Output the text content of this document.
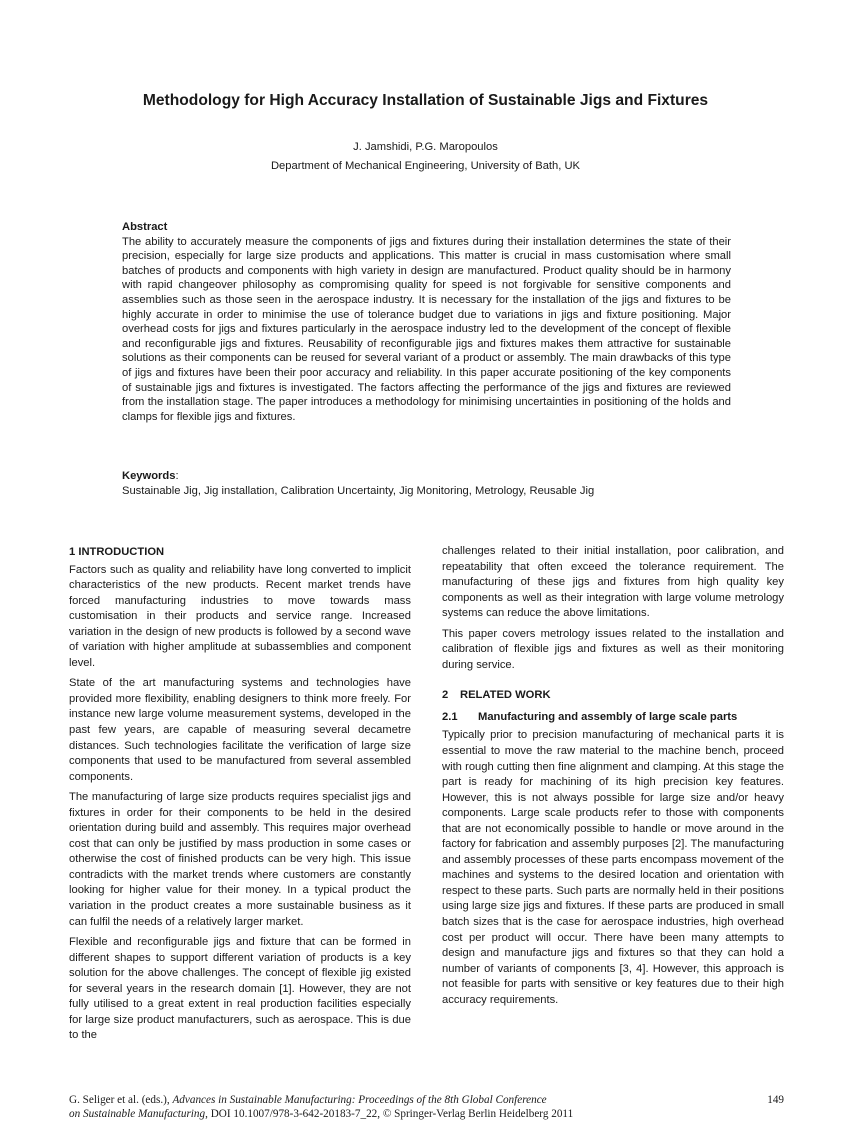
Methodology for High Accuracy Installation of Sustainable Jigs and Fixtures
J. Jamshidi, P.G. Maropoulos
Department of Mechanical Engineering, University of Bath, UK
Abstract
The ability to accurately measure the components of jigs and fixtures during their installation determines the state of their precision, especially for large size products and applications. This matter is crucial in mass customisation where small batches of products and components with high variety in design are manufactured. Product quality should be in harmony with rapid changeover philosophy as compromising quality for speed is not forgivable for sensitive components and assemblies such as those seen in the aerospace industry. It is necessary for the installation of the jigs and fixtures to be highly accurate in order to minimise the use of tolerance budget due to variations in jigs and fixture positioning. Major overhead costs for jigs and fixtures particularly in the aerospace industry led to the development of the concept of flexible and reconfigurable jigs and fixtures. Reusability of reconfigurable jigs and fixtures makes them attractive for sustainable solutions as their components can be reused for several variant of a product or assembly. The main drawbacks of this type of jigs and fixtures have been their poor accuracy and reliability. In this paper accurate positioning of the key components of sustainable jigs and fixtures is investigated. The factors affecting the performance of the jigs and fixtures are reviewed from the installation stage. The paper introduces a methodology for minimising uncertainties in positioning of the holds and clamps for flexible jigs and fixtures.
Keywords:
Sustainable Jig, Jig installation, Calibration Uncertainty, Jig Monitoring, Metrology, Reusable Jig
1 INTRODUCTION

Factors such as quality and reliability have long converted to implicit characteristics of the new products. Recent market trends have forced manufacturing industries to move towards mass customisation in their products and service range. Increased variation in the design of new products is followed by a second wave of variation with higher amplitude at subassemblies and component level.

State of the art manufacturing systems and technologies have provided more flexibility, enabling designers to think more freely. For instance new large volume measurement systems, developed in the past few years, are capable of measuring several decametre distances. Such technologies facilitate the verification of large size components that used to be manufactured from several assembled components.

The manufacturing of large size products requires specialist jigs and fixtures in order for their components to be held in the desired orientation during build and assembly. This requires major overhead cost that can only be justified by mass production in some cases or otherwise the cost of finished products can be very high. This issue contradicts with the market trends where customers are constantly looking for higher value for their money. In a typical product the variation in the product creates a more sustainable business as it can fulfil the needs of a relatively larger market.

Flexible and reconfigurable jigs and fixture that can be formed in different shapes to support different variation of products is a key solution for the above challenges. The concept of flexible jig existed for several years in the research domain [1]. However, they are not fully utilised to a great extent in real production facilities especially for large size product manufacturers, such as aerospace. This is due to the

challenges related to their initial installation, poor calibration, and repeatability that often exceed the tolerance requirement. The manufacturing of these jigs and fixtures from high quality key components as well as their integration with large volume metrology systems can reduce the above limitations.

This paper covers metrology issues related to the installation and calibration of flexible jigs and fixtures as well as their monitoring during service.

2 RELATED WORK
2.1 Manufacturing and assembly of large scale parts

Typically prior to precision manufacturing of mechanical parts it is essential to move the raw material to the machine bench, proceed with rough cutting then fine alignment and clamping. At this stage the part is ready for machining of its high precision key features. However, this is not always possible for large size and/or heavy components. Large scale products refer to those with components that are not economically possible to handle or move around in the factory for fabrication and assembly purposes [2]. The manufacturing and assembly processes of these parts encompass movement of the machines and systems to the desired location and orientation with respect to these parts. Such parts are normally held in their positions using large size jigs and fixtures. If these parts are produced in small batch sizes that is the case for aerospace industries, high overhead cost per product will occur. There have been many attempts to design and manufacture jigs and fixtures so that they can hold a number of variants of components [3, 4]. However, this approach is not feasible for parts with sensitive or key features due to their high accuracy requirements.

G. Seliger et al. (eds.), Advances in Sustainable Manufacturing: Proceedings of the 8th Global Conference
on Sustainable Manufacturing, DOI 10.1007/978-3-642-20183-7_22, © Springer-Verlag Berlin Heidelberg 2011
149
